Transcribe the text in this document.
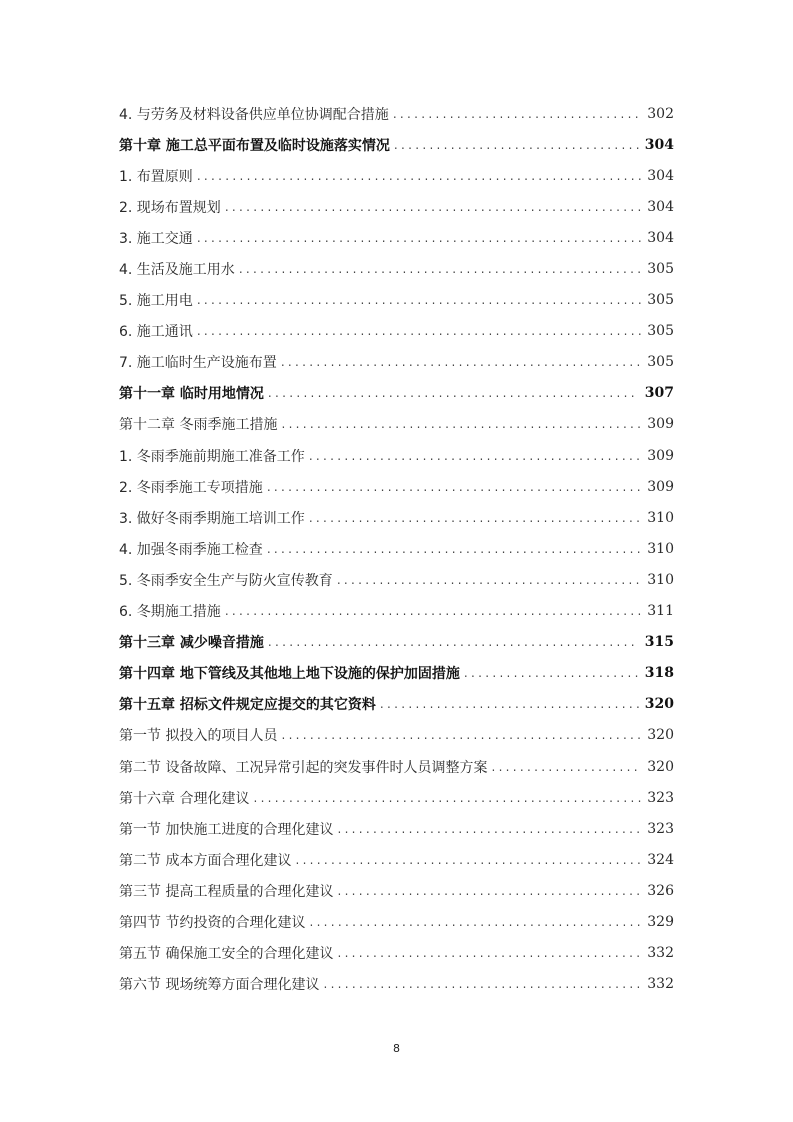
4. 与劳务及材料设备供应单位协调配合措施 .....	302
第十章 施工总平面布置及临时设施落实情况 .....	304
1. 布置原则 .....	304
2. 现场布置规划 .....	304
3. 施工交通 .....	304
4. 生活及施工用水 .....	305
5. 施工用电 .....	305
6. 施工通讯 .....	305
7. 施工临时生产设施布置 .....	305
第十一章 临时用地情况 .....	307
第十二章 冬雨季施工措施 .....	309
1. 冬雨季施前期施工准备工作 .....	309
2. 冬雨季施工专项措施 .....	309
3. 做好冬雨季期施工培训工作 .....	310
4. 加强冬雨季施工检查 .....	310
5. 冬雨季安全生产与防火宣传教育 .....	310
6. 冬期施工措施 .....	311
第十三章 减少噪音措施 .....	315
第十四章 地下管线及其他地上地下设施的保护加固措施 .....	318
第十五章 招标文件规定应提交的其它资料 .....	320
第一节 拟投入的项目人员 .....	320
第二节 设备故障、工况异常引起的突发事件时人员调整方案 .....	320
第十六章 合理化建议 .....	323
第一节 加快施工进度的合理化建议 .....	323
第二节 成本方面合理化建议 .....	324
第三节 提高工程质量的合理化建议 .....	326
第四节 节约投资的合理化建议 .....	329
第五节 确保施工安全的合理化建议 .....	332
第六节 现场统筹方面合理化建议 .....	332
8
